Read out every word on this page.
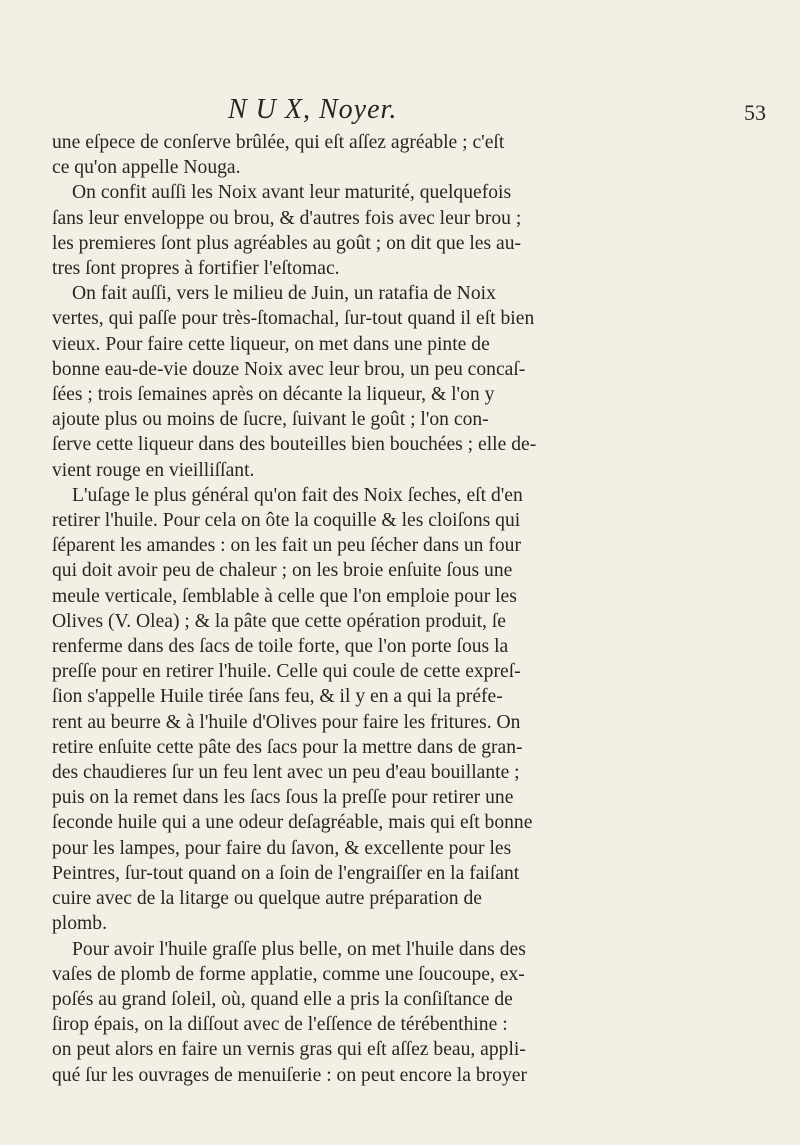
N U X, Noyer.	53

une eſpece de conſerve brûlée, qui eſt aſſez agréable ; c'eſt
ce qu'on appelle Nouga.

On confit auſſi les Noix avant leur maturité, quelquefois
ſans leur enveloppe ou brou, & d'autres fois avec leur brou ;
les premieres ſont plus agréables au goût ; on dit que les au-
tres ſont propres à fortifier l'eſtomac.

On fait auſſi, vers le milieu de Juin, un ratafia de Noix
vertes, qui paſſe pour très-ſtomachal, ſur-tout quand il eſt bien
vieux. Pour faire cette liqueur, on met dans une pinte de
bonne eau-de-vie douze Noix avec leur brou, un peu concaſ-
ſées ; trois ſemaines après on décante la liqueur, & l'on y
ajoute plus ou moins de ſucre, ſuivant le goût ; l'on con-
ſerve cette liqueur dans des bouteilles bien bouchées ; elle de-
vient rouge en vieilliſſant.

L'uſage le plus général qu'on fait des Noix ſeches, eſt d'en
retirer l'huile. Pour cela on ôte la coquille & les cloiſons qui
ſéparent les amandes : on les fait un peu ſécher dans un four
qui doit avoir peu de chaleur ; on les broie enſuite ſous une
meule verticale, ſemblable à celle que l'on emploie pour les
Olives (V. Olea) ; & la pâte que cette opération produit, ſe
renferme dans des ſacs de toile forte, que l'on porte ſous la
preſſe pour en retirer l'huile. Celle qui coule de cette expreſ-
ſion s'appelle Huile tirée ſans feu, & il y en a qui la préfe-
rent au beurre & à l'huile d'Olives pour faire les fritures. On
retire enſuite cette pâte des ſacs pour la mettre dans de gran-
des chaudieres ſur un feu lent avec un peu d'eau bouillante ;
puis on la remet dans les ſacs ſous la preſſe pour retirer une
ſeconde huile qui a une odeur deſagréable, mais qui eſt bonne
pour les lampes, pour faire du ſavon, & excellente pour les
Peintres, ſur-tout quand on a ſoin de l'engraiſſer en la faiſant
cuire avec de la litarge ou quelque autre préparation de
plomb.

Pour avoir l'huile graſſe plus belle, on met l'huile dans des
vaſes de plomb de forme applatie, comme une ſoucoupe, ex-
poſés au grand ſoleil, où, quand elle a pris la conſiſtance de
ſirop épais, on la diſſout avec de l'eſſence de térébenthine :
on peut alors en faire un vernis gras qui eſt aſſez beau, appli-
qué ſur les ouvrages de menuiſerie : on peut encore la broyer
